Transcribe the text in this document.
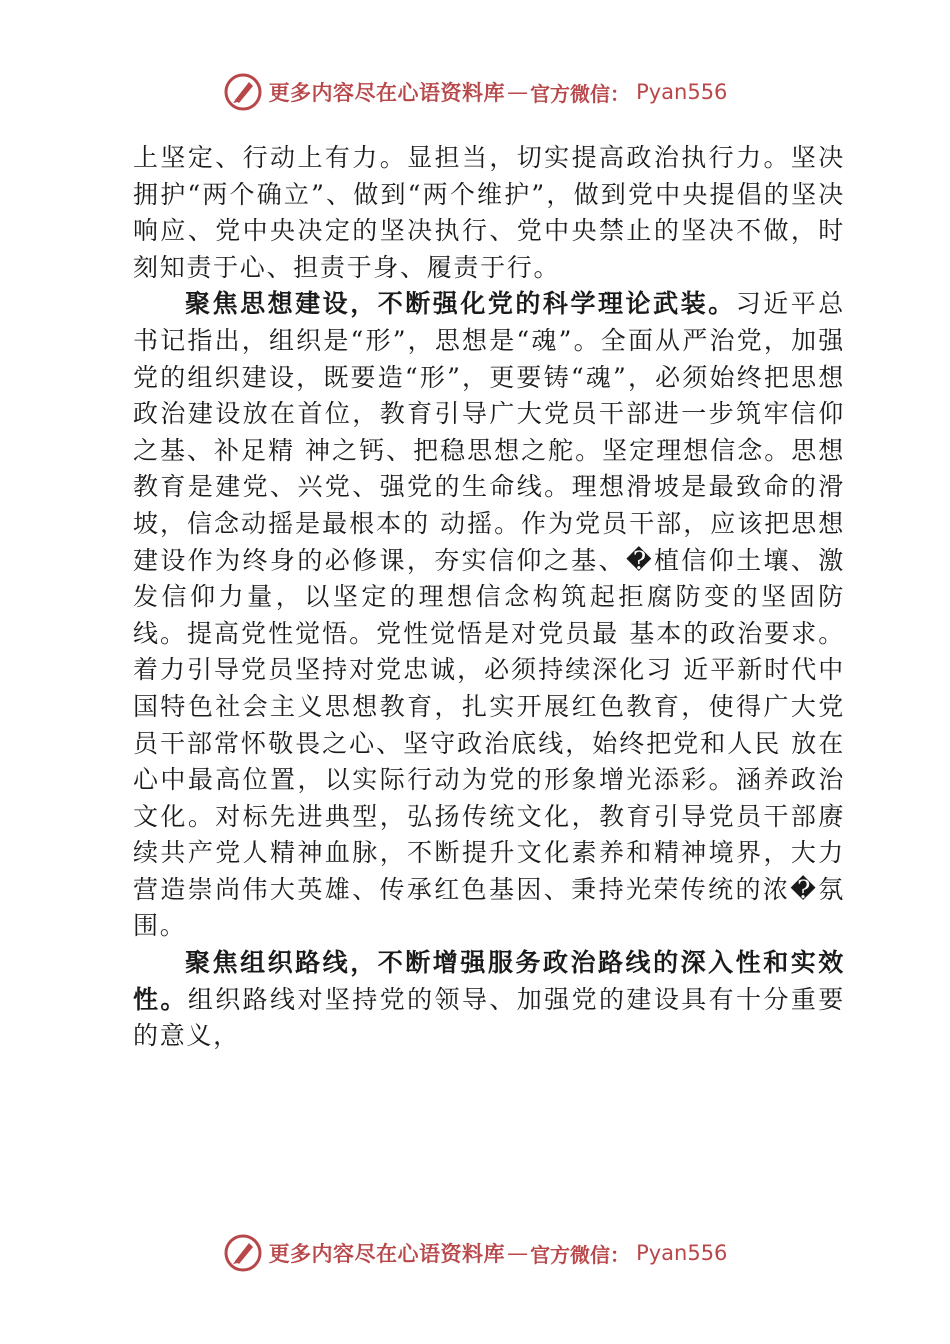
更多内容尽在心语资料库 — 官方微信： Pyan556

上坚定、行动上有力。显担当，切实提高政治执行力。坚决拥护“两个确立”、做到“两个维护”，做到党中央提倡的坚决响应、党中央决定的坚决执行、党中央禁止的坚决不做，时刻知责于心、担责于身、履责于行。

聚焦思想建设，不断强化党的科学理论武装。习近平总书记指出，组织是“形”，思想是“魂”。全面从严治党，加强党的组织建设，既要造“形”，更要铸“魂”，必须始终把思想政治建设放在首位，教育引导广大党员干部进一步筑牢信仰之基、补足精 神之钙、把稳思想之舵。坚定理想信念。思想教育是建党、兴党、强党的生命线。理想滑坡是最致命的滑坡，信念动摇是最根本的 动摇。作为党员干部，应该把思想建设作为终身的必修课，夯实信仰之基、�植信仰土壤、激发信仰力量，以坚定的理想信念构筑起拒腐防变的坚固防线。提高党性觉悟。党性觉悟是对党员最 基本的政治要求。着力引导党员坚持对党忠诚，必须持续深化习 近平新时代中国特色社会主义思想教育，扎实开展红色教育，使得广大党员干部常怀敬畏之心、坚守政治底线，始终把党和人民 放在心中最高位置，以实际行动为党的形象增光添彩。涵养政治文化。对标先进典型，弘扬传统文化，教育引导党员干部赓续共产党人精神血脉，不断提升文化素养和精神境界，大力营造崇尚伟大英雄、传承红色基因、秉持光荣传统的浓�氛围。

聚焦组织路线，不断增强服务政治路线的深入性和实效性。组织路线对坚持党的领导、加强党的建设具有十分重要的意义，

更多内容尽在心语资料库 — 官方微信： Pyan556
